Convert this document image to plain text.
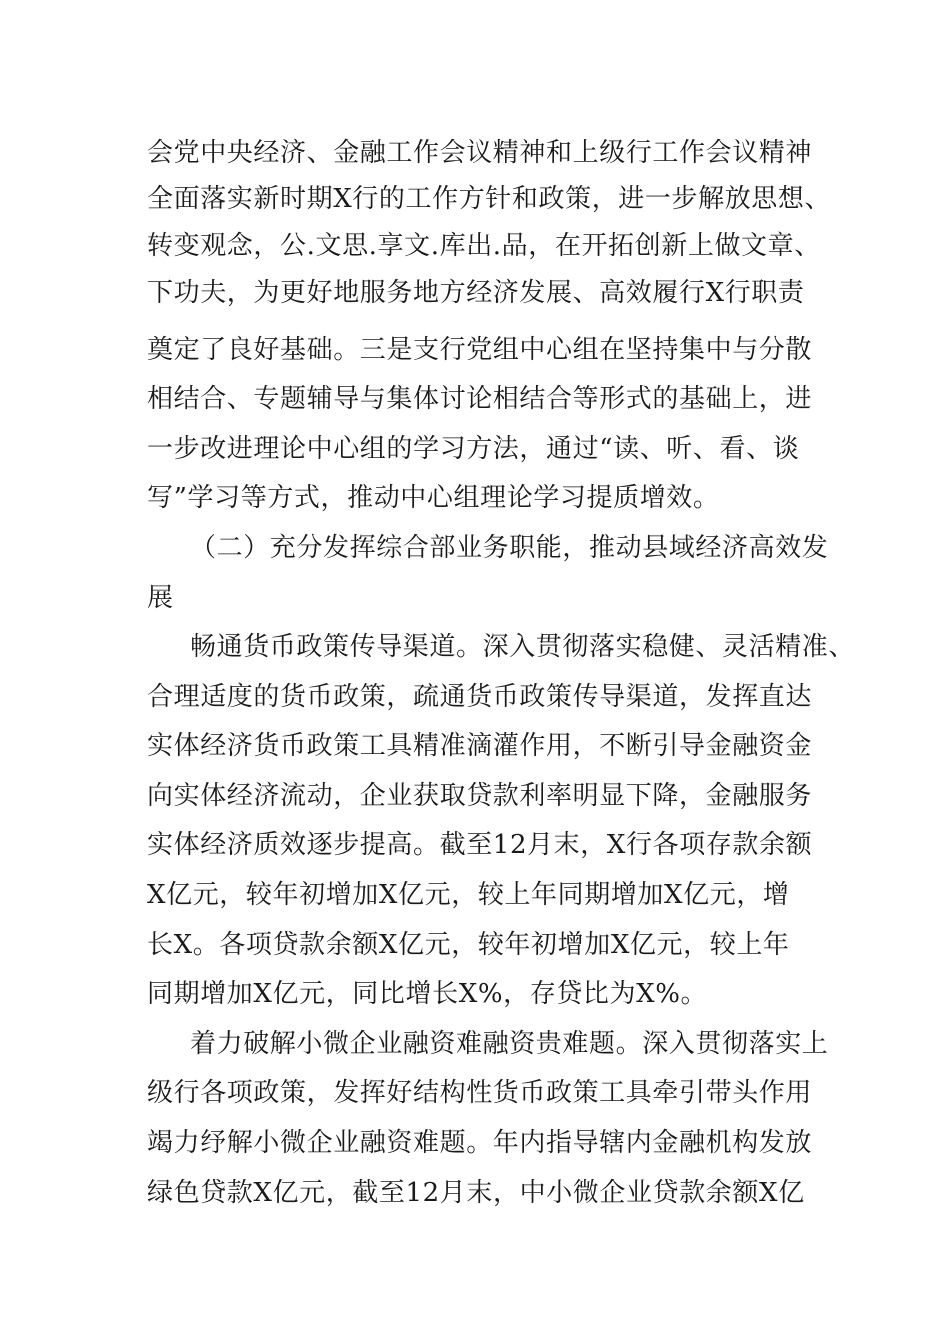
会党中央经济、金融工作会议精神和上级行工作会议精神
全面落实新时期X行的工作方针和政策，进一步解放思想、
转变观念，公.文思.享文.库出.品，在开拓创新上做文章、
下功夫，为更好地服务地方经济发展、高效履行X行职责
奠定了良好基础。三是支行党组中心组在坚持集中与分散
相结合、专题辅导与集体讨论相结合等形式的基础上，进
一步改进理论中心组的学习方法，通过“读、听、看、谈
写”学习等方式，推动中心组理论学习提质增效。
（二）充分发挥综合部业务职能，推动县域经济高效发
展
畅通货币政策传导渠道。深入贯彻落实稳健、灵活精准、
合理适度的货币政策，疏通货币政策传导渠道，发挥直达
实体经济货币政策工具精准滴灌作用，不断引导金融资金
向实体经济流动，企业获取贷款利率明显下降，金融服务
实体经济质效逐步提高。截至12月末，X行各项存款余额
X亿元，较年初增加X亿元，较上年同期增加X亿元，增
长X。各项贷款余额X亿元，较年初增加X亿元，较上年
同期增加X亿元，同比增长X%，存贷比为X%。
着力破解小微企业融资难融资贵难题。深入贯彻落实上
级行各项政策，发挥好结构性货币政策工具牵引带头作用
竭力纾解小微企业融资难题。年内指导辖内金融机构发放
绿色贷款X亿元，截至12月末，中小微企业贷款余额X亿
